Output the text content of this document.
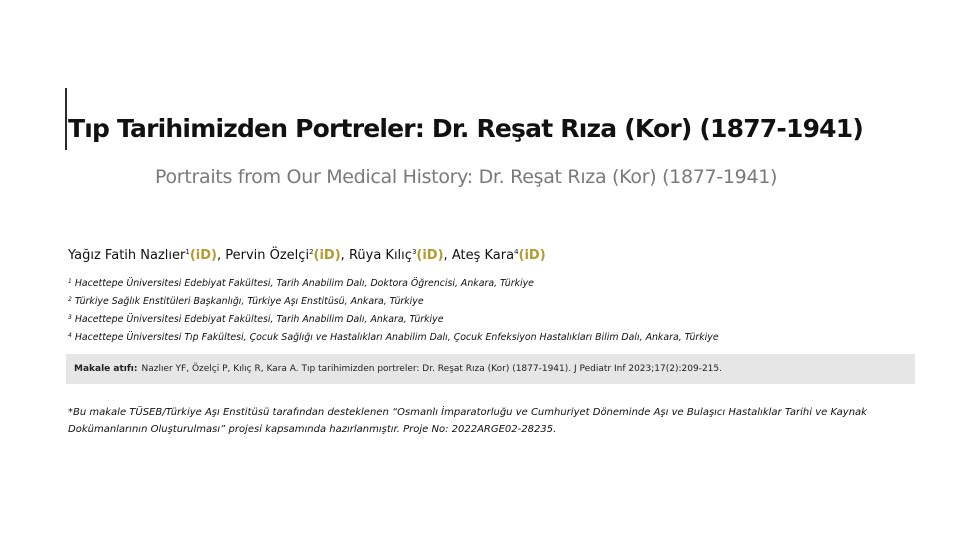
Tıp Tarihimizden Portreler: Dr. Reşat Rıza (Kor) (1877-1941)
Portraits from Our Medical History: Dr. Reşat Rıza (Kor) (1877-1941)
Yağız Fatih Nazlıer$^1$(iD), Pervin Özelçi$^2$(iD), Rüya Kılıç$^3$(iD), Ateş Kara$^4$(iD)
$^1$ Hacettepe Üniversitesi Edebiyat Fakültesi, Tarih Anabilim Dalı, Doktora Öğrencisi, Ankara, Türkiye
$^2$ Türkiye Sağlık Enstitüleri Başkanlığı, Türkiye Aşı Enstitüsü, Ankara, Türkiye
$^3$ Hacettepe Üniversitesi Edebiyat Fakültesi, Tarih Anabilim Dalı, Ankara, Türkiye
$^4$ Hacettepe Üniversitesi Tıp Fakültesi, Çocuk Sağlığı ve Hastalıkları Anabilim Dalı, Çocuk Enfeksiyon Hastalıkları Bilim Dalı, Ankara, Türkiye
Makale atıfı: Nazlıer YF, Özelçi P, Kılıç R, Kara A. Tıp tarihimizden portreler: Dr. Reşat Rıza (Kor) (1877-1941). J Pediatr Inf 2023;17(2):209-215.
*Bu makale TÜSEB/Türkiye Aşı Enstitüsü tarafından desteklenen “Osmanlı İmparatorluğu ve Cumhuriyet Döneminde Aşı ve Bulaşıcı Hastalıklar Tarihi ve Kaynak Dokümanlarının Oluşturulması” projesi kapsamında hazırlanmıştır. Proje No: 2022ARGE02-28235.
